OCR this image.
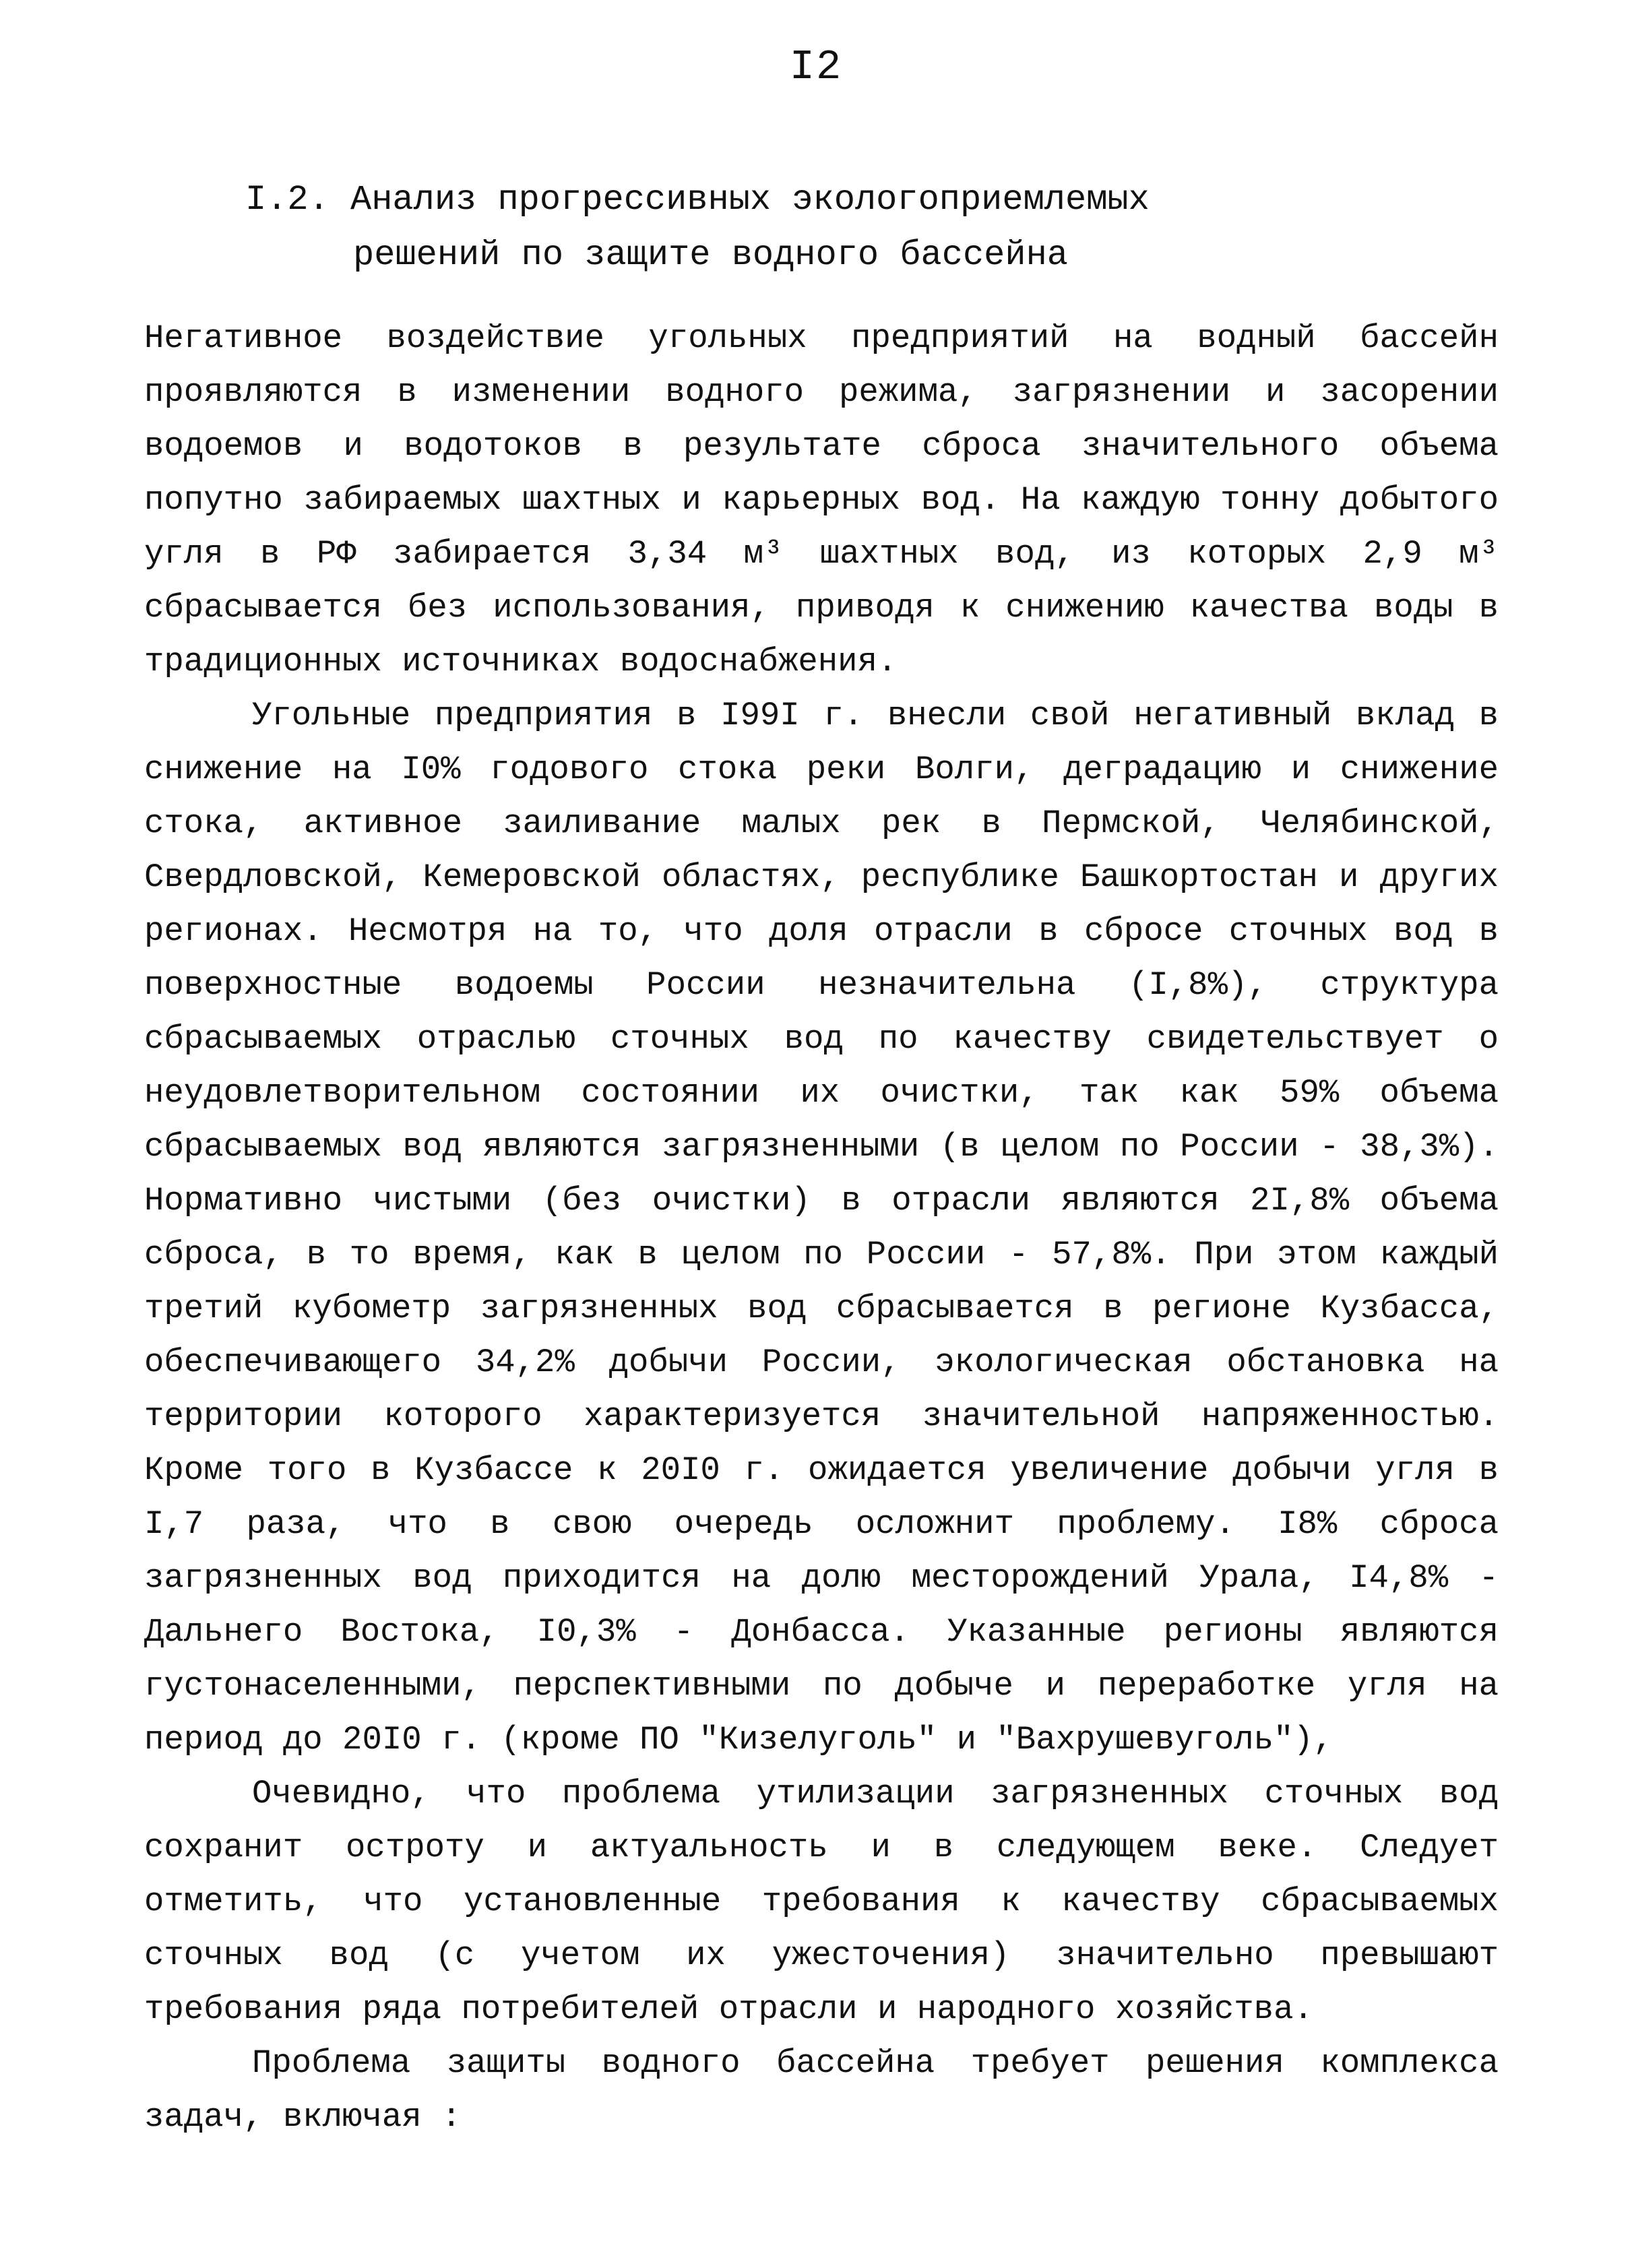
I2
I.2. Анализ прогрессивных экологоприемлемых
решений по защите водного бассейна

Негативное воздействие угольных предприятий на водный бассейн проявляются в изменении водного режима, загрязнении и засорении водоемов и водотоков в результате сброса значительного объема попутно забираемых шахтных и карьерных вод. На каждую тонну добытого угля в РФ забирается 3,34 м³ шахтных вод, из которых 2,9 м³ сбрасывается без использования, приводя к снижению качества воды в традиционных источниках водоснабжения.

Угольные предприятия в I99I г. внесли свой негативный вклад в снижение на I0% годового стока реки Волги, деградацию и снижение стока, активное заиливание малых рек в Пермской, Челябинской, Свердловской, Кемеровской областях, республике Башкортостан и других регионах. Несмотря на то, что доля отрасли в сбросе сточных вод в поверхностные водоемы России незначительна (I,8%), структура сбрасываемых отраслью сточных вод по качеству свидетельствует о неудовлетворительном состоянии их очистки, так как 59% объема сбрасываемых вод являются загрязненными (в целом по России - 38,3%). Нормативно чистыми (без очистки) в отрасли являются 2I,8% объема сброса, в то время, как в целом по России - 57,8%. При этом каждый третий кубометр загрязненных вод сбрасывается в регионе Кузбасса, обеспечивающего 34,2% добычи России, экологическая обстановка на территории которого характеризуется значительной напряженностью. Кроме того в Кузбассе к 20I0 г. ожидается увеличение добычи угля в I,7 раза, что в свою очередь осложнит проблему. I8% сброса загрязненных вод приходится на долю месторождений Урала, I4,8% - Дальнего Востока, I0,3% - Донбасса. Указанные регионы являются густонаселенными, перспективными по добыче и переработке угля на период до 20I0 г. (кроме ПО "Кизелуголь" и "Вахрушевуголь"),

Очевидно, что проблема утилизации загрязненных сточных вод сохранит остроту и актуальность и в следующем веке. Следует отметить, что установленные требования к качеству сбрасываемых сточных вод (с учетом их ужесточения) значительно превышают требования ряда потребителей отрасли и народного хозяйства.

Проблема защиты водного бассейна требует решения комплекса задач, включая :
